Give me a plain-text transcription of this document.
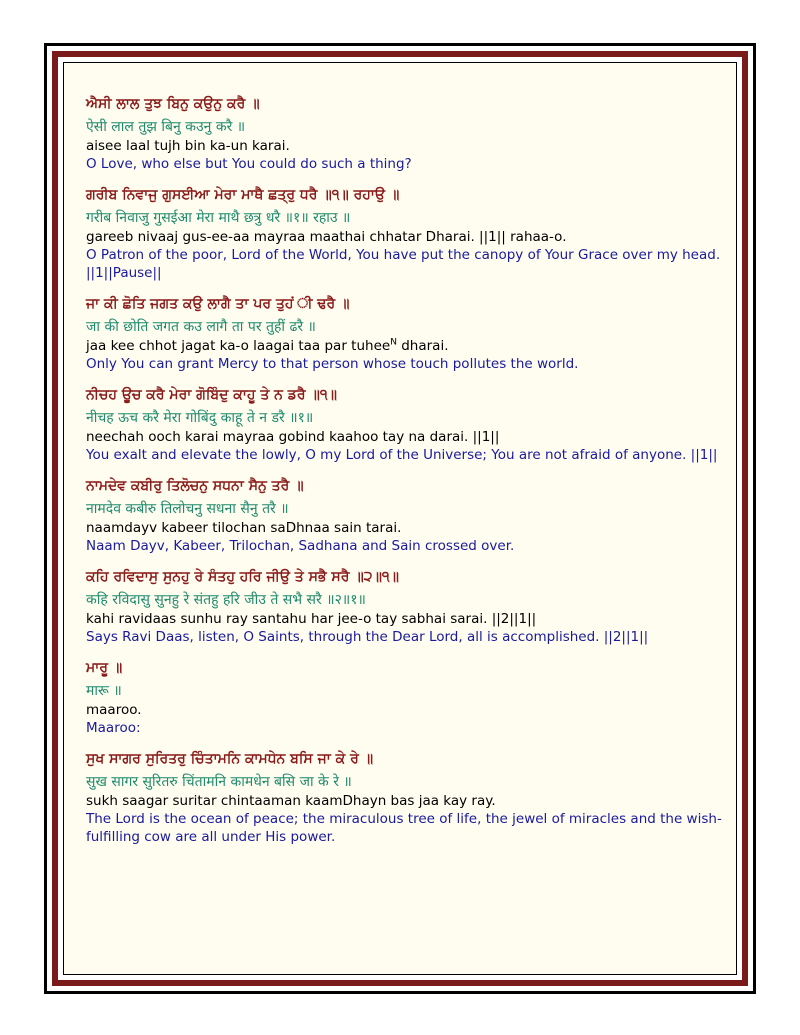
ਐਸੀ ਲਾਲ ਤੁਝ ਬਿਨੁ ਕਉਨੁ ਕਰੈ ॥
ऐसी लाल तुझ बिनु कउनु करै ॥
aisee laal tujh bin ka-un karai.
O Love, who else but You could do such a thing?
ਗਰੀਬ ਨਿਵਾਜੁ ਗੁਸਈਆ ਮੇਰਾ ਮਾਥੈ ਛਤ੍ਰੁ ਧਰੈ ॥੧॥ ਰਹਾਉ ॥
गरीब निवाजु गुसईआ मेरा माथै छत्रु धरै ॥१॥ रहाउ ॥
gareeb nivaaj gus-ee-aa mayraa maathai chhatar Dharai. ||1|| rahaa-o.
O Patron of the poor, Lord of the World, You have put the canopy of Your Grace over my head. ||1||Pause||
ਜਾ ਕੀ ਛੋਤਿ ਜਗਤ ਕਉ ਲਾਗੈ ਤਾ ਪਰ ਤੁਹਂ ੀ ਢਰੈ ॥
जा की छोति जगत कउ लागै ता पर तुहीं ढरै ॥
jaa kee chhot jagat ka-o laagai taa par tuhee$^N$ dharai.
Only You can grant Mercy to that person whose touch pollutes the world.
ਨੀਚਹ ਊਚ ਕਰੈ ਮੇਰਾ ਗੋਬਿੰਦੁ ਕਾਹੂ ਤੇ ਨ ਡਰੈ ॥੧॥
नीचह ऊच करै मेरा गोबिंदु काहू ते न डरै ॥१॥
neechah ooch karai mayraa gobind kaahoo tay na darai. ||1||
You exalt and elevate the lowly, O my Lord of the Universe; You are not afraid of anyone. ||1||
ਨਾਮਦੇਵ ਕਬੀਰੁ ਤਿਲੋਚਨੁ ਸਧਨਾ ਸੈਨੁ ਤਰੈ ॥
नामदेव कबीरु तिलोचनु सधना सैनु तरै ॥
naamdayv kabeer tilochan saDhnaa sain tarai.
Naam Dayv, Kabeer, Trilochan, Sadhana and Sain crossed over.
ਕਹਿ ਰਵਿਦਾਸੁ ਸੁਨਹੁ ਰੇ ਸੰਤਹੁ ਹਰਿ ਜੀਉ ਤੇ ਸਭੈ ਸਰੈ ॥੨॥੧॥
कहि रविदासु सुनहु रे संतहु हरि जीउ ते सभै सरै ॥२॥१॥
kahi ravidaas sunhu ray santahu har jee-o tay sabhai sarai. ||2||1||
Says Ravi Daas, listen, O Saints, through the Dear Lord, all is accomplished. ||2||1||
ਮਾਰੂ ॥
मारू ॥
maaroo.
Maaroo:
ਸੁਖ ਸਾਗਰ ਸੁਰਿਤਰੁ ਚਿੰਤਾਮਨਿ ਕਾਮਧੇਨ ਬਸਿ ਜਾ ਕੇ ਰੇ ॥
सुख सागर सुरितरु चिंतामनि कामधेन बसि जा के रे ॥
sukh saagar suritar chintaaman kaamDhayn bas jaa kay ray.
The Lord is the ocean of peace; the miraculous tree of life, the jewel of miracles and the wish-fulfilling cow are all under His power.
